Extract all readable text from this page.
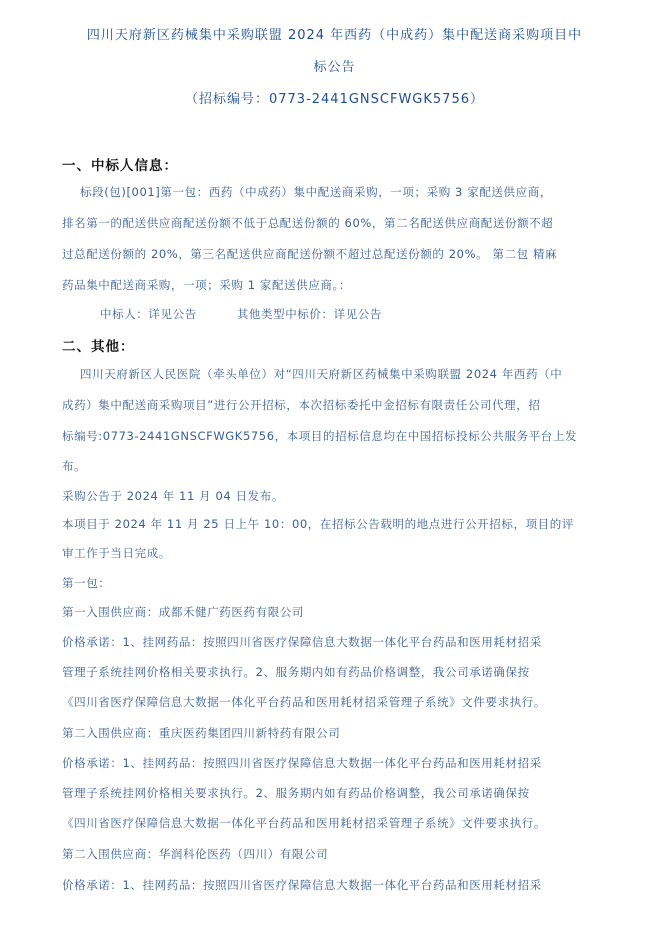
四川天府新区药械集中采购联盟 2024 年西药（中成药）集中配送商采购项目中
标公告
（招标编号：0773-2441GNSCFWGK5756）
一、中标人信息：
标段(包)[001]第一包：西药（中成药）集中配送商采购，一项；采购 3 家配送供应商，
排名第一的配送供应商配送份额不低于总配送份额的 60%，第二名配送供应商配送份额不超
过总配送份额的 20%，第三名配送供应商配送份额不超过总配送份额的 20%。 第二包 精麻
药品集中配送商采购，一项；采购 1 家配送供应商。：
中标人：详见公告	其他类型中标价：详见公告
二、其他：
四川天府新区人民医院（牵头单位）对“四川天府新区药械集中采购联盟 2024 年西药（中
成药）集中配送商采购项目”进行公开招标，本次招标委托中金招标有限责任公司代理，招
标编号:0773-2441GNSCFWGK5756，本项目的招标信息均在中国招标投标公共服务平台上发
布。
采购公告于 2024 年 11 月 04 日发布。
本项目于 2024 年 11 月 25 日上午 10：00，在招标公告载明的地点进行公开招标，项目的评
审工作于当日完成。
第一包：
第一入围供应商：成都禾健广药医药有限公司
价格承诺：1、挂网药品：按照四川省医疗保障信息大数据一体化平台药品和医用耗材招采
管理子系统挂网价格相关要求执行。2、服务期内如有药品价格调整，我公司承诺确保按
《四川省医疗保障信息大数据一体化平台药品和医用耗材招采管理子系统》文件要求执行。
第二入围供应商：重庆医药集团四川新特药有限公司
价格承诺：1、挂网药品：按照四川省医疗保障信息大数据一体化平台药品和医用耗材招采
管理子系统挂网价格相关要求执行。2、服务期内如有药品价格调整，我公司承诺确保按
《四川省医疗保障信息大数据一体化平台药品和医用耗材招采管理子系统》文件要求执行。
第二入围供应商：华润科伦医药（四川）有限公司
价格承诺：1、挂网药品：按照四川省医疗保障信息大数据一体化平台药品和医用耗材招采
